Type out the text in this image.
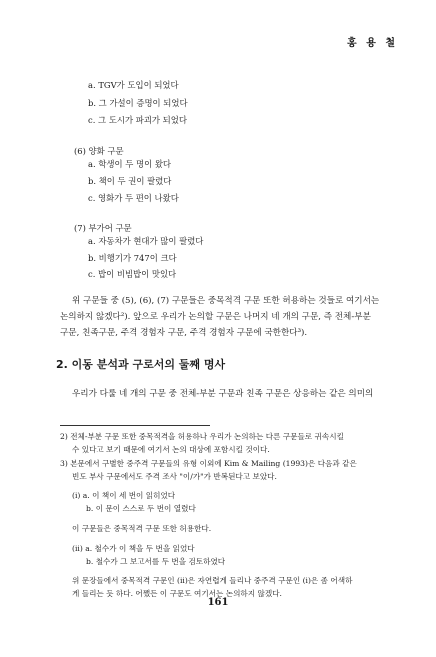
홍 용 철
a. TGV가 도입이 되었다
b. 그 가설이 증명이 되었다
c. 그 도시가 파괴가 되었다
(6) 양화 구문
a. 학생이 두 명이 왔다
b. 책이 두 권이 팔렸다
c. 영화가 두 편이 나왔다
(7) 부가어 구문
a. 자동차가 현대가 많이 팔렸다
b. 비행기가 747이 크다
c. 밥이 비빔밥이 맛있다
위 구문들 중 (5), (6), (7) 구문들은 중목적격 구문 또한 허용하는 것들로 여기서는
논의하지 않겠다²). 앞으로 우리가 논의할 구문은 나머지 네 개의 구문, 즉 전체-부분
구문, 친족구문, 주격 경험자 구문, 주격 경험자 구문에 국한한다³).
2. 이동 분석과 구로서의 둘째 명사
우리가 다룰 네 개의 구문 중 전체-부분 구문과 친족 구문은 상응하는 같은 의미의
2) 전체-부분 구문 또한 중목적격을 허용하나 우리가 논의하는 다른 구문들로 귀속시킬
수 있다고 보기 때문에 여기서 논의 대상에 포함시킬 것이다.
3) 본문에서 구별한 중주격 구문들의 유형 이외에 Kim & Mailing (1993)은 다음과 같은
빈도 부사 구문에서도 주격 조사 "이/가"가 반복된다고 보았다.
(i) a. 이 책이 세 번이 읽히었다
b. 이 문이 스스로 두 번이 열렸다
이 구문들은 중목적격 구문 또한 허용한다.
(ii) a. 철수가 이 책을 두 번을 읽었다
b. 철수가 그 보고서를 두 번을 검토하였다
위 문장들에서 중목적격 구문인 (ii)은 자연렵게 들리나 중주격 구문인 (i)은 좀 어색하
게 들리는 듯 하다. 어쨌든 이 구문도 여기서는 논의하지 않겠다.
161
